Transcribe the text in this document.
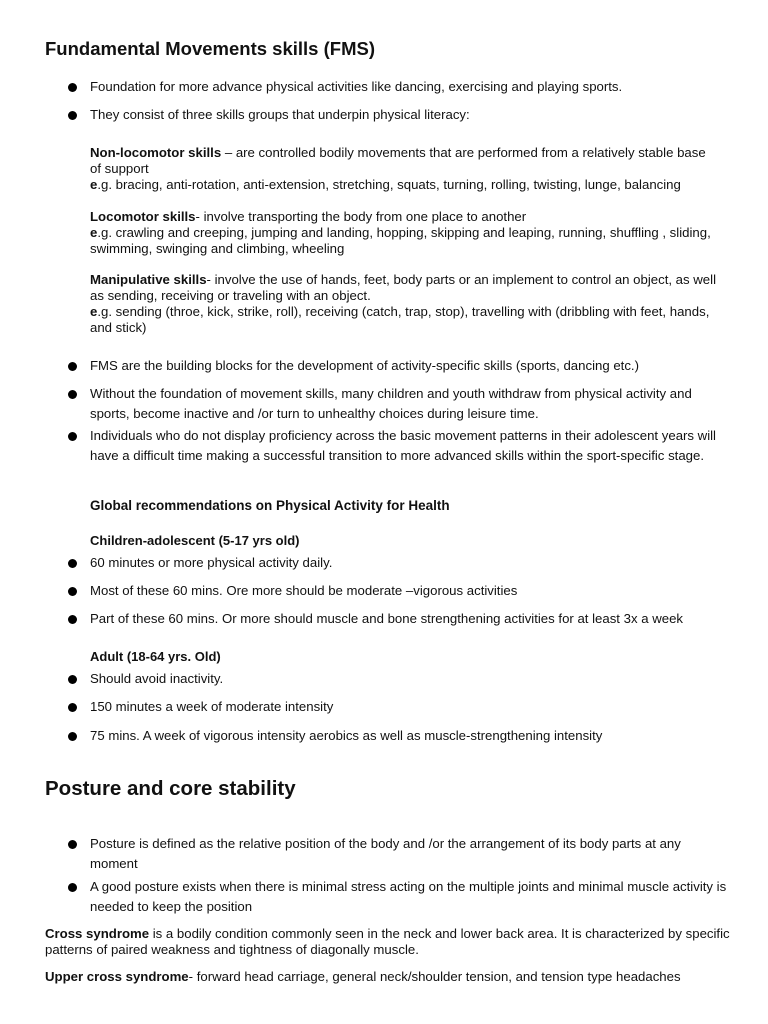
Fundamental Movements skills (FMS)
Foundation for more advance physical activities like dancing, exercising and playing sports.
They consist of three skills groups that underpin physical literacy:
Non-locomotor skills – are controlled bodily movements that are performed from a relatively stable base of support
e.g. bracing, anti-rotation, anti-extension, stretching, squats, turning, rolling, twisting, lunge, balancing
Locomotor skills- involve transporting the body from one place to another
e.g. crawling and creeping, jumping and landing, hopping, skipping and leaping, running, shuffling , sliding, swimming, swinging and climbing, wheeling
Manipulative skills- involve the use of hands, feet, body parts or an implement to control an object, as well as sending, receiving or traveling with an object.
e.g. sending (throe, kick, strike, roll), receiving (catch, trap, stop), travelling with (dribbling with feet, hands, and stick)
FMS are the building blocks for the development of activity-specific skills (sports, dancing etc.)
Without the foundation of movement skills, many children and youth withdraw from physical activity and sports, become inactive and /or turn to unhealthy choices during leisure time.
Individuals who do not display proficiency across the basic movement patterns in their adolescent years will have a difficult time making a successful transition to more advanced skills within the sport-specific stage.
Global recommendations on Physical Activity for Health
Children-adolescent (5-17 yrs old)
60 minutes or more physical activity daily.
Most of these 60 mins. Ore more should be moderate –vigorous activities
Part of these 60 mins. Or more should muscle and bone strengthening activities for at least 3x a week
Adult (18-64 yrs. Old)
Should avoid inactivity.
150 minutes a week of moderate intensity
75 mins. A week of vigorous intensity aerobics as well as muscle-strengthening intensity
Posture and core stability
Posture is defined as the relative position of the body and /or the arrangement of its body parts at any moment
A good posture exists when there is minimal stress acting on the multiple joints and minimal muscle activity is needed to keep the position
Cross syndrome is a bodily condition commonly seen in the neck and lower back area. It is characterized by specific patterns of paired weakness and tightness of diagonally muscle.
Upper cross syndrome- forward head carriage, general neck/shoulder tension, and tension type headaches
